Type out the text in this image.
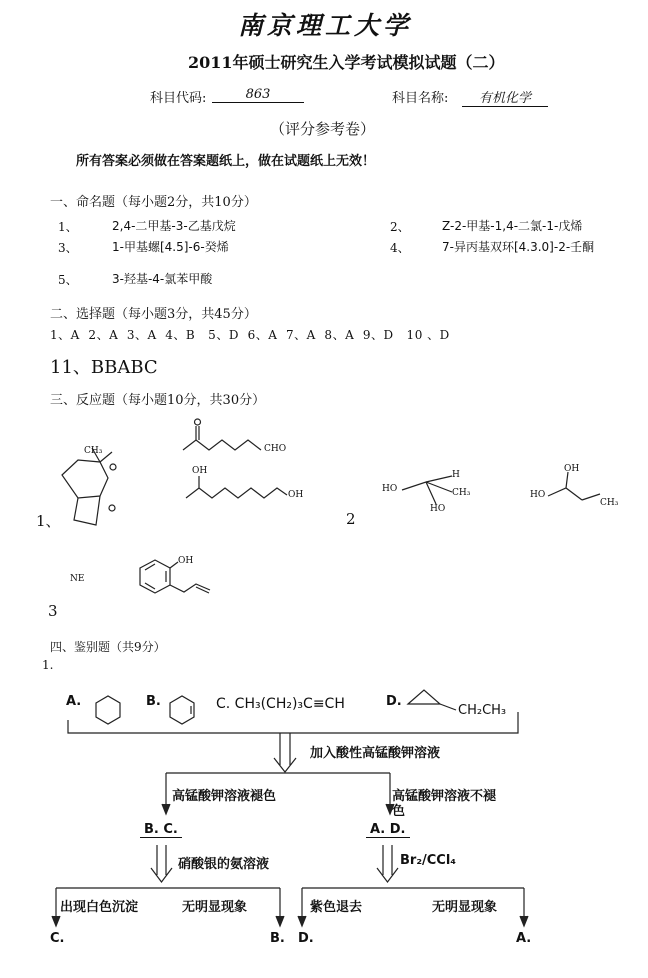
南京理工大学
2011年硕士研究生入学考试模拟试题（二）
科目代码:	863	科目名称:	有机化学
（评分参考卷）
所有答案必须做在答案题纸上，做在试题纸上无效！
一、命名题（每小题2分，共10分）
1、	2,4-二甲基-3-乙基戊烷	2、	Z-2-甲基-1,4-二氯-1-戊烯
3、	1-甲基螺[4.5]-6-癸烯	4、	7-异丙基双环[4.3.0]-2-壬酮
5、	3-羟基-4-氯苯甲酸
二、选择题（每小题3分，共45分）
1、A  2、A  3、A  4、B   5、D  6、A  7、A  8、A  9、D   10 、D
11、BBABC
三、反应题（每小题10分，共30分）
1、	2
3
CH₃	CHO
OH
OH
HO
H
CH₃
HO
HO
OH
CH₃
NE
OH
四、鉴别题（共9分）
1.
A.	B.	C. CH₃(CH₂)₃C≡CH	D.
CH₂CH₃
加入酸性高锰酸钾溶液
高锰酸钾溶液褪色	高锰酸钾溶液不褪
色
B. C.	A. D.
硝酸银的氨溶液	Br₂/CCl₄
出现白色沉淀	无明显现象	紫色退去	无明显现象
C.	B. D.	A.
